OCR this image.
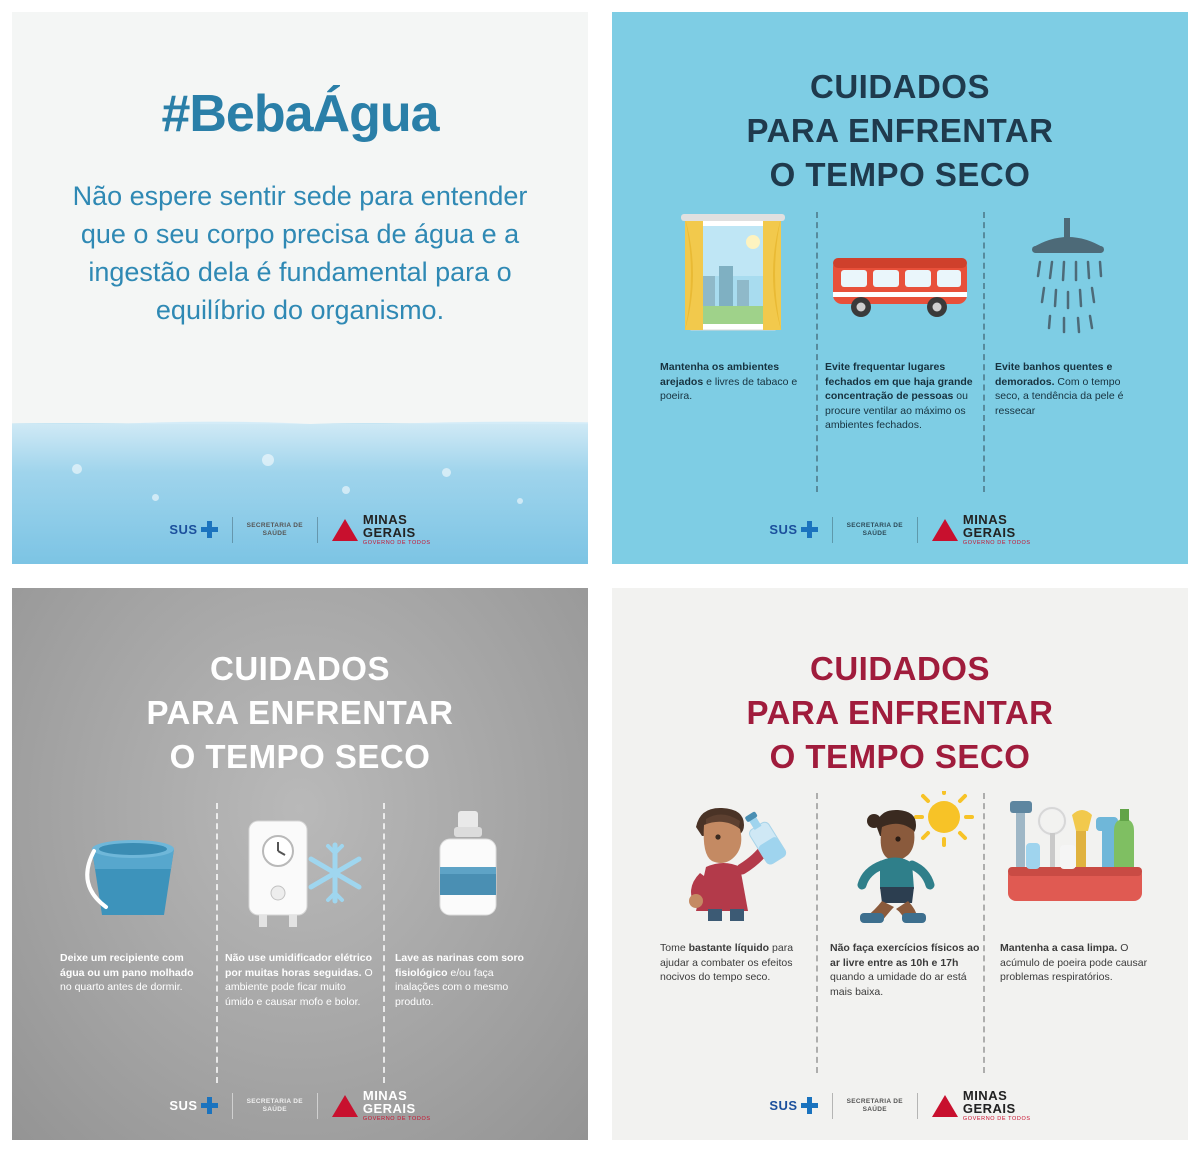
#BebaÁgua
Não espere sentir sede para entender que o seu corpo precisa de água e a ingestão dela é fundamental para o equilíbrio do organismo.
SUS	SECRETARIA DE
SAÚDE
MINAS
GERAIS
GOVERNO DE TODOS
CUIDADOS
PARA ENFRENTAR
O TEMPO SECO
Mantenha os ambientes arejados e livres de tabaco e poeira.
Evite frequentar lugares fechados em que haja grande concentração de pessoas ou procure ventilar ao máximo os ambientes fechados.
Evite banhos quentes e demorados. Com o tempo seco, a tendência da pele é ressecar
SUS	SECRETARIA DE
SAÚDE
MINAS
GERAIS
GOVERNO DE TODOS
CUIDADOS
PARA ENFRENTAR
O TEMPO SECO
Deixe um recipiente com água ou um pano molhado no quarto antes de dormir.
Não use umidificador elétrico por muitas horas seguidas. O ambiente pode ficar muito úmido e causar mofo e bolor.
Lave as narinas com soro fisiológico e/ou faça inalações com o mesmo produto.
SUS	SECRETARIA DE
SAÚDE
MINAS
GERAIS
GOVERNO DE TODOS
CUIDADOS
PARA ENFRENTAR
O TEMPO SECO
Tome bastante líquido para ajudar a combater os efeitos nocivos do tempo seco.
Não faça exercícios físicos ao ar livre entre as 10h e 17h quando a umidade do ar está mais baixa.
Mantenha a casa limpa. O acúmulo de poeira pode causar problemas respiratórios.
SUS	SECRETARIA DE
SAÚDE
MINAS
GERAIS
GOVERNO DE TODOS
